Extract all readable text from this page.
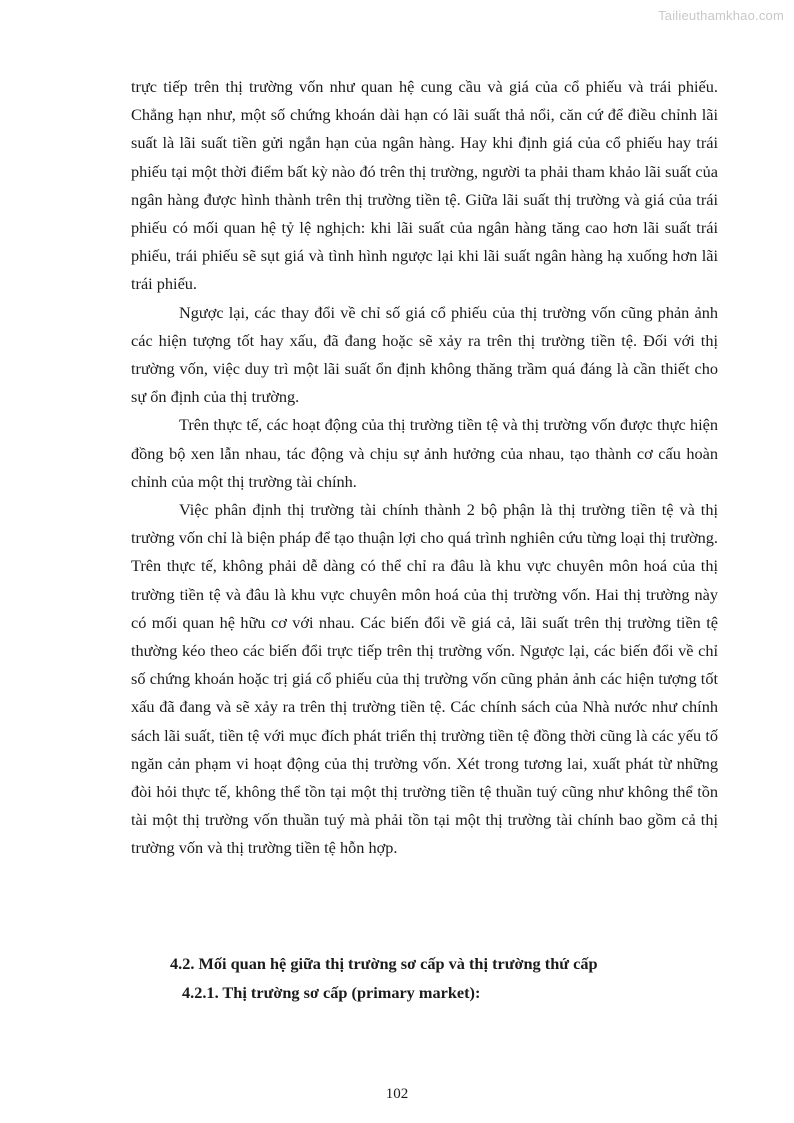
Tailieuthamkhao.com

trực tiếp trên thị trường vốn như quan hệ cung cầu và giá của cổ phiếu và trái phiếu. Chẳng hạn như, một số chứng khoán dài hạn có lãi suất thả nổi, căn cứ để điều chỉnh lãi suất là lãi suất tiền gửi ngắn hạn của ngân hàng. Hay khi định giá của cổ phiếu hay trái phiếu tại một thời điểm bất kỳ nào đó trên thị trường, người ta phải tham khảo lãi suất của ngân hàng được hình thành trên thị trường tiền tệ. Giữa lãi suất thị trường và giá của trái phiếu có mối quan hệ tỷ lệ nghịch: khi lãi suất của ngân hàng tăng cao hơn lãi suất trái phiếu, trái phiếu sẽ sụt giá và tình hình ngược lại khi lãi suất ngân hàng hạ xuống hơn lãi trái phiếu.

Ngược lại, các thay đổi về chỉ số giá cổ phiếu của thị trường vốn cũng phản ảnh các hiện tượng tốt hay xấu, đã đang hoặc sẽ xảy ra trên thị trường tiền tệ. Đối với thị trường vốn, việc duy trì một lãi suất ổn định không thăng trầm quá đáng là cần thiết cho sự ổn định của thị trường.

Trên thực tế, các hoạt động của thị trường tiền tệ và thị trường vốn được thực hiện đồng bộ xen lẫn nhau, tác động và chịu sự ảnh hưởng của nhau, tạo thành cơ cấu hoàn chỉnh của một thị trường tài chính.

Việc phân định thị trường tài chính thành 2 bộ phận là thị trường tiền tệ và thị trường vốn chỉ là biện pháp để tạo thuận lợi cho quá trình nghiên cứu từng loại thị trường. Trên thực tế, không phải dễ dàng có thể chỉ ra đâu là khu vực chuyên môn hoá của thị trường tiền tệ và đâu là khu vực chuyên môn hoá của thị trường vốn. Hai thị trường này có mối quan hệ hữu cơ với nhau. Các biến đổi về giá cả, lãi suất trên thị trường tiền tệ thường kéo theo các biến đổi trực tiếp trên thị trường vốn. Ngược lại, các biến đổi về chỉ số chứng khoán hoặc trị giá cổ phiếu của thị trường vốn cũng phản ảnh các hiện tượng tốt xấu đã đang và sẽ xảy ra trên thị trường tiền tệ. Các chính sách của Nhà nước như chính sách lãi suất, tiền tệ với mục đích phát triển thị trường tiền tệ đồng thời cũng là các yếu tố ngăn cản phạm vi hoạt động của thị trường vốn. Xét trong tương lai, xuất phát từ những đòi hỏi thực tế, không thể tồn tại một thị trường tiền tệ thuần tuý cũng như không thể tồn tài một thị trường vốn thuần tuý mà phải tồn tại một thị trường tài chính bao gồm cả thị trường vốn và thị trường tiền tệ hỗn hợp.

4.2. Mối quan hệ giữa thị trường sơ cấp và thị trường thứ cấp
4.2.1. Thị trường sơ cấp (primary market):
102
